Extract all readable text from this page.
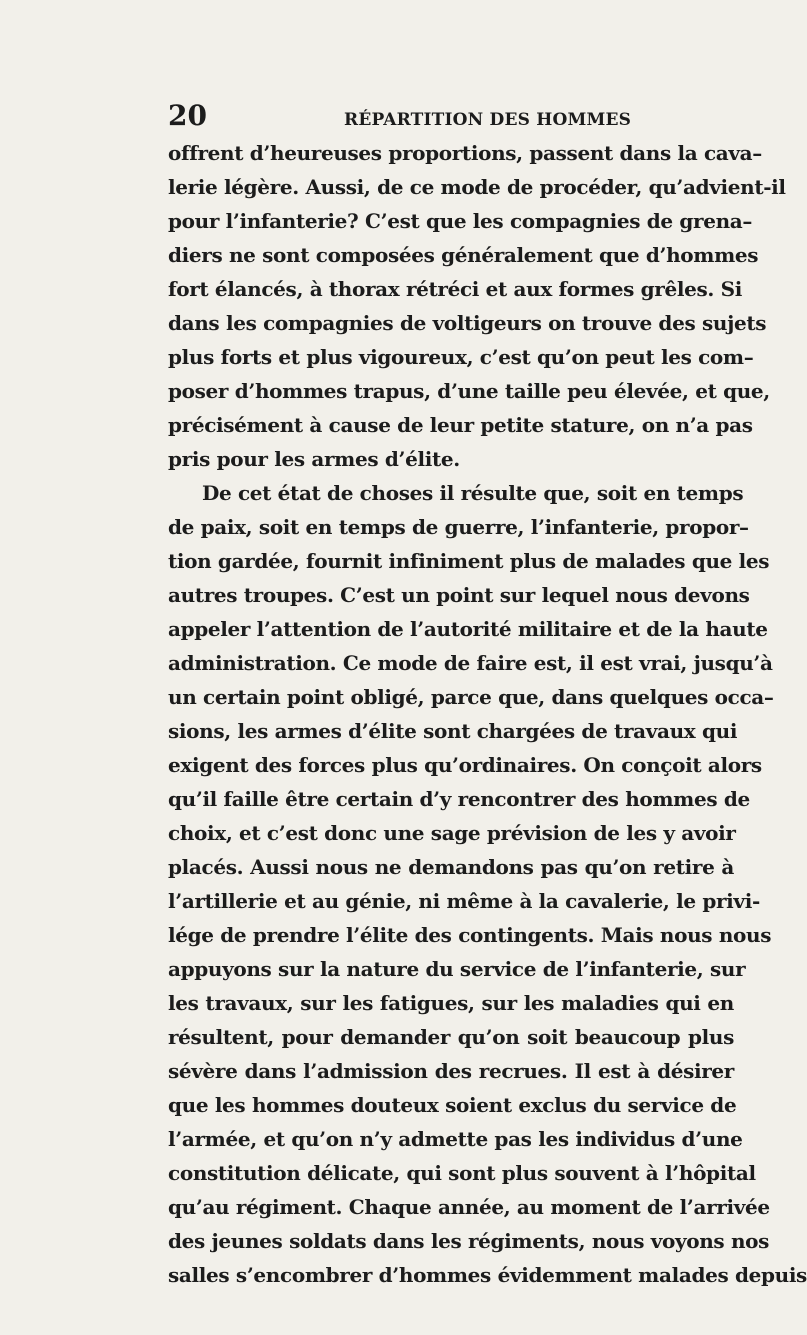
20	RÉPARTITION DES HOMMES
offrent d’heureuses proportions, passent dans la cava–
lerie légère. Aussi, de ce mode de procéder, qu’advient-il
pour l’infanterie? C’est que les compagnies de grena–
diers ne sont composées généralement que d’hommes
fort élancés, à thorax rétréci et aux formes grêles. Si
dans les compagnies de voltigeurs on trouve des sujets
plus forts et plus vigoureux, c’est qu’on peut les com–
poser d’hommes trapus, d’une taille peu élevée, et que,
précisément à cause de leur petite stature, on n’a pas
pris pour les armes d’élite.
De cet état de choses il résulte que, soit en temps
de paix, soit en temps de guerre, l’infanterie, propor–
tion gardée, fournit infiniment plus de malades que les
autres troupes. C’est un point sur lequel nous devons
appeler l’attention de l’autorité militaire et de la haute
administration. Ce mode de faire est, il est vrai, jusqu’à
un certain point obligé, parce que, dans quelques occa–
sions, les armes d’élite sont chargées de travaux qui
exigent des forces plus qu’ordinaires. On conçoit alors
qu’il faille être certain d’y rencontrer des hommes de
choix, et c’est donc une sage prévision de les y avoir
placés. Aussi nous ne demandons pas qu’on retire à
l’artillerie et au génie, ni même à la cavalerie, le privi-
lége de prendre l’élite des contingents. Mais nous nous
appuyons sur la nature du service de l’infanterie, sur
les travaux, sur les fatigues, sur les maladies qui en
résultent, pour demander qu’on soit beaucoup plus
sévère dans l’admission des recrues. Il est à désirer
que les hommes douteux soient exclus du service de
l’armée, et qu’on n’y admette pas les individus d’une
constitution délicate, qui sont plus souvent à l’hôpital
qu’au régiment. Chaque année, au moment de l’arrivée
des jeunes soldats dans les régiments, nous voyons nos
salles s’encombrer d’hommes évidemment malades depuis
